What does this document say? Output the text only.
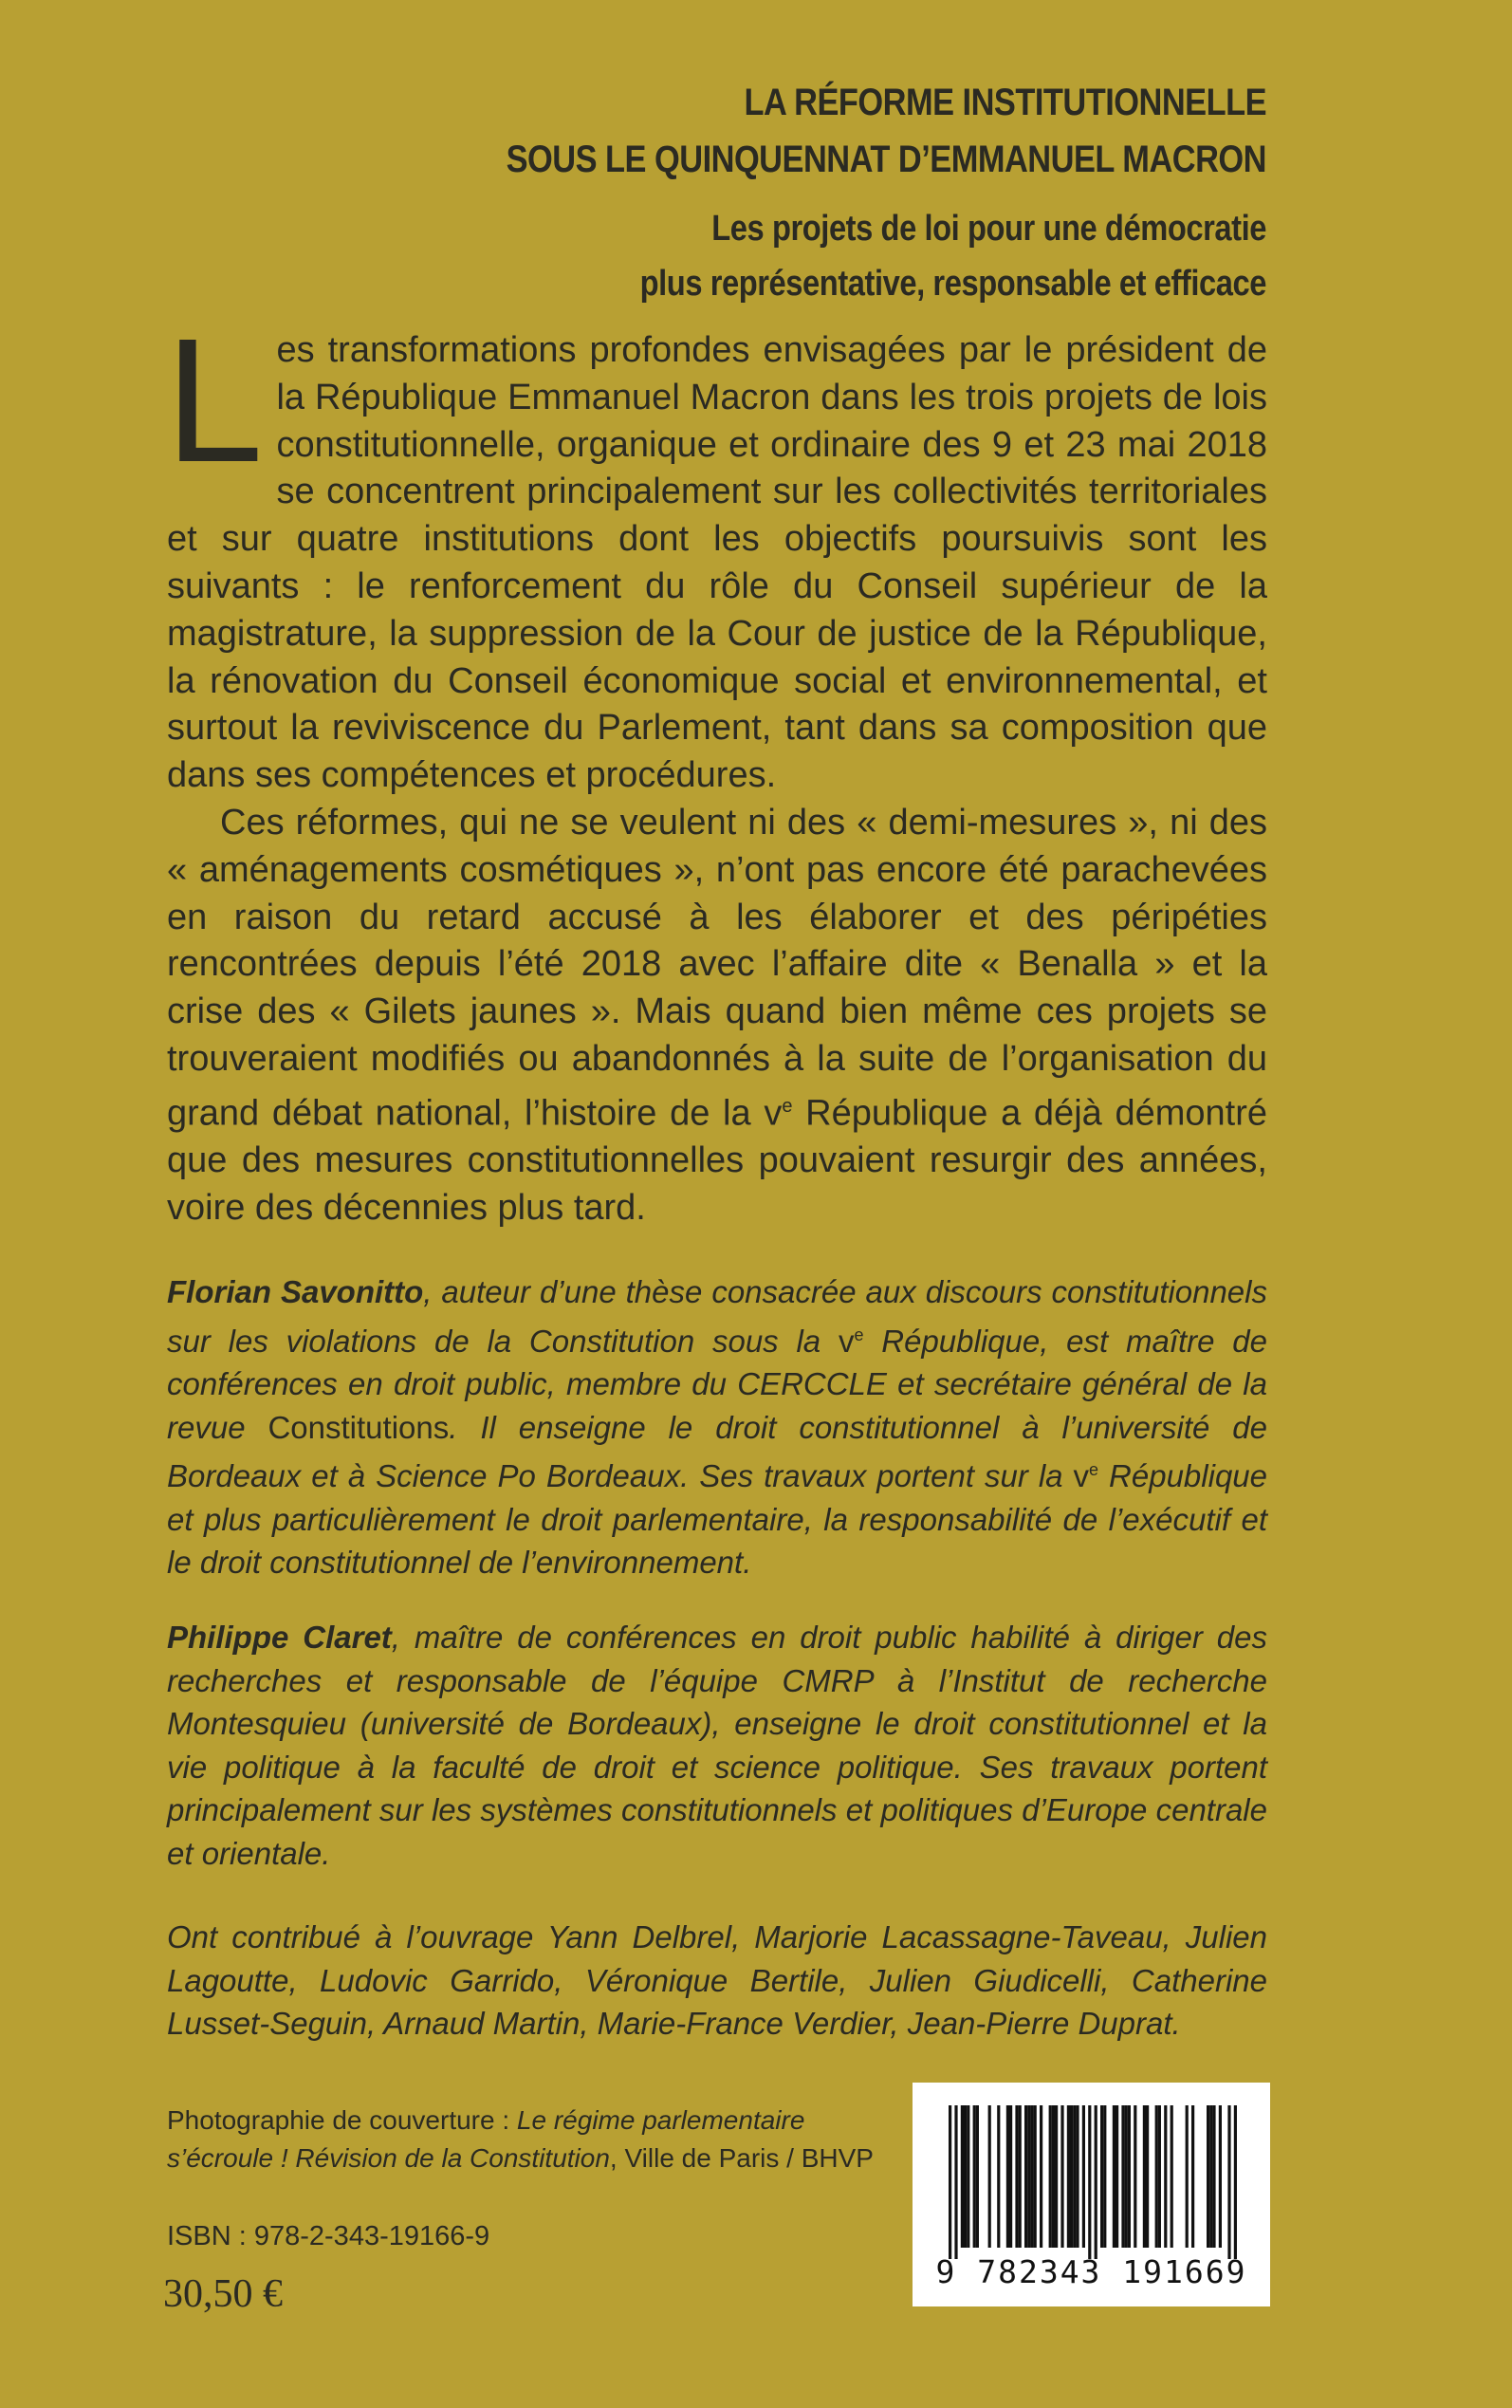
LA RÉFORME INSTITUTIONNELLE
SOUS LE QUINQUENNAT D’EMMANUEL MACRON
Les projets de loi pour une démocratie
plus représentative, responsable et efficace

Les transformations profondes envisagées par le président de la République Emmanuel Macron dans les trois projets de lois constitutionnelle, organique et ordinaire des 9 et 23 mai 2018 se concentrent principalement sur les collectivités territoriales et sur quatre institutions dont les objectifs poursuivis sont les suivants : le renforcement du rôle du Conseil supérieur de la magistrature, la suppression de la Cour de justice de la République, la rénovation du Conseil économique social et environnemental, et surtout la reviviscence du Parlement, tant dans sa composition que dans ses compétences et procédures.

Ces réformes, qui ne se veulent ni des « demi-mesures », ni des « aménagements cosmétiques », n’ont pas encore été parachevées en raison du retard accusé à les élaborer et des péripéties rencontrées depuis l’été 2018 avec l’affaire dite « Benalla » et la crise des « Gilets jaunes ». Mais quand bien même ces projets se trouveraient modifiés ou abandonnés à la suite de l’organisation du grand débat national, l’histoire de la $v^e$ République a déjà démontré que des mesures constitutionnelles pouvaient resurgir des années, voire des décennies plus tard.

Florian Savonitto, auteur d’une thèse consacrée aux discours constitutionnels sur les violations de la Constitution sous la $v^e$ République, est maître de conférences en droit public, membre du CERCCLE et secrétaire général de la revue Constitutions. Il enseigne le droit constitutionnel à l’université de Bordeaux et à Science Po Bordeaux. Ses travaux portent sur la $v^e$ République et plus particulièrement le droit parlementaire, la responsabilité de l’exécutif et le droit constitutionnel de l’environnement.
Philippe Claret, maître de conférences en droit public habilité à diriger des recherches et responsable de l’équipe CMRP à l’Institut de recherche Montesquieu (université de Bordeaux), enseigne le droit constitutionnel et la vie politique à la faculté de droit et science politique. Ses travaux portent principalement sur les systèmes constitutionnels et politiques d’Europe centrale et orientale.
Ont contribué à l’ouvrage Yann Delbrel, Marjorie Lacassagne-Taveau, Julien Lagoutte, Ludovic Garrido, Véronique Bertile, Julien Giudicelli, Catherine Lusset-Seguin, Arnaud Martin, Marie-France Verdier, Jean-Pierre Duprat.
Photographie de couverture : Le régime parlementaire s’écroule ! Révision de la Constitution, Ville de Paris / BHVP
ISBN : 978-2-343-19166-9
30,50 €
9 782343 191669
